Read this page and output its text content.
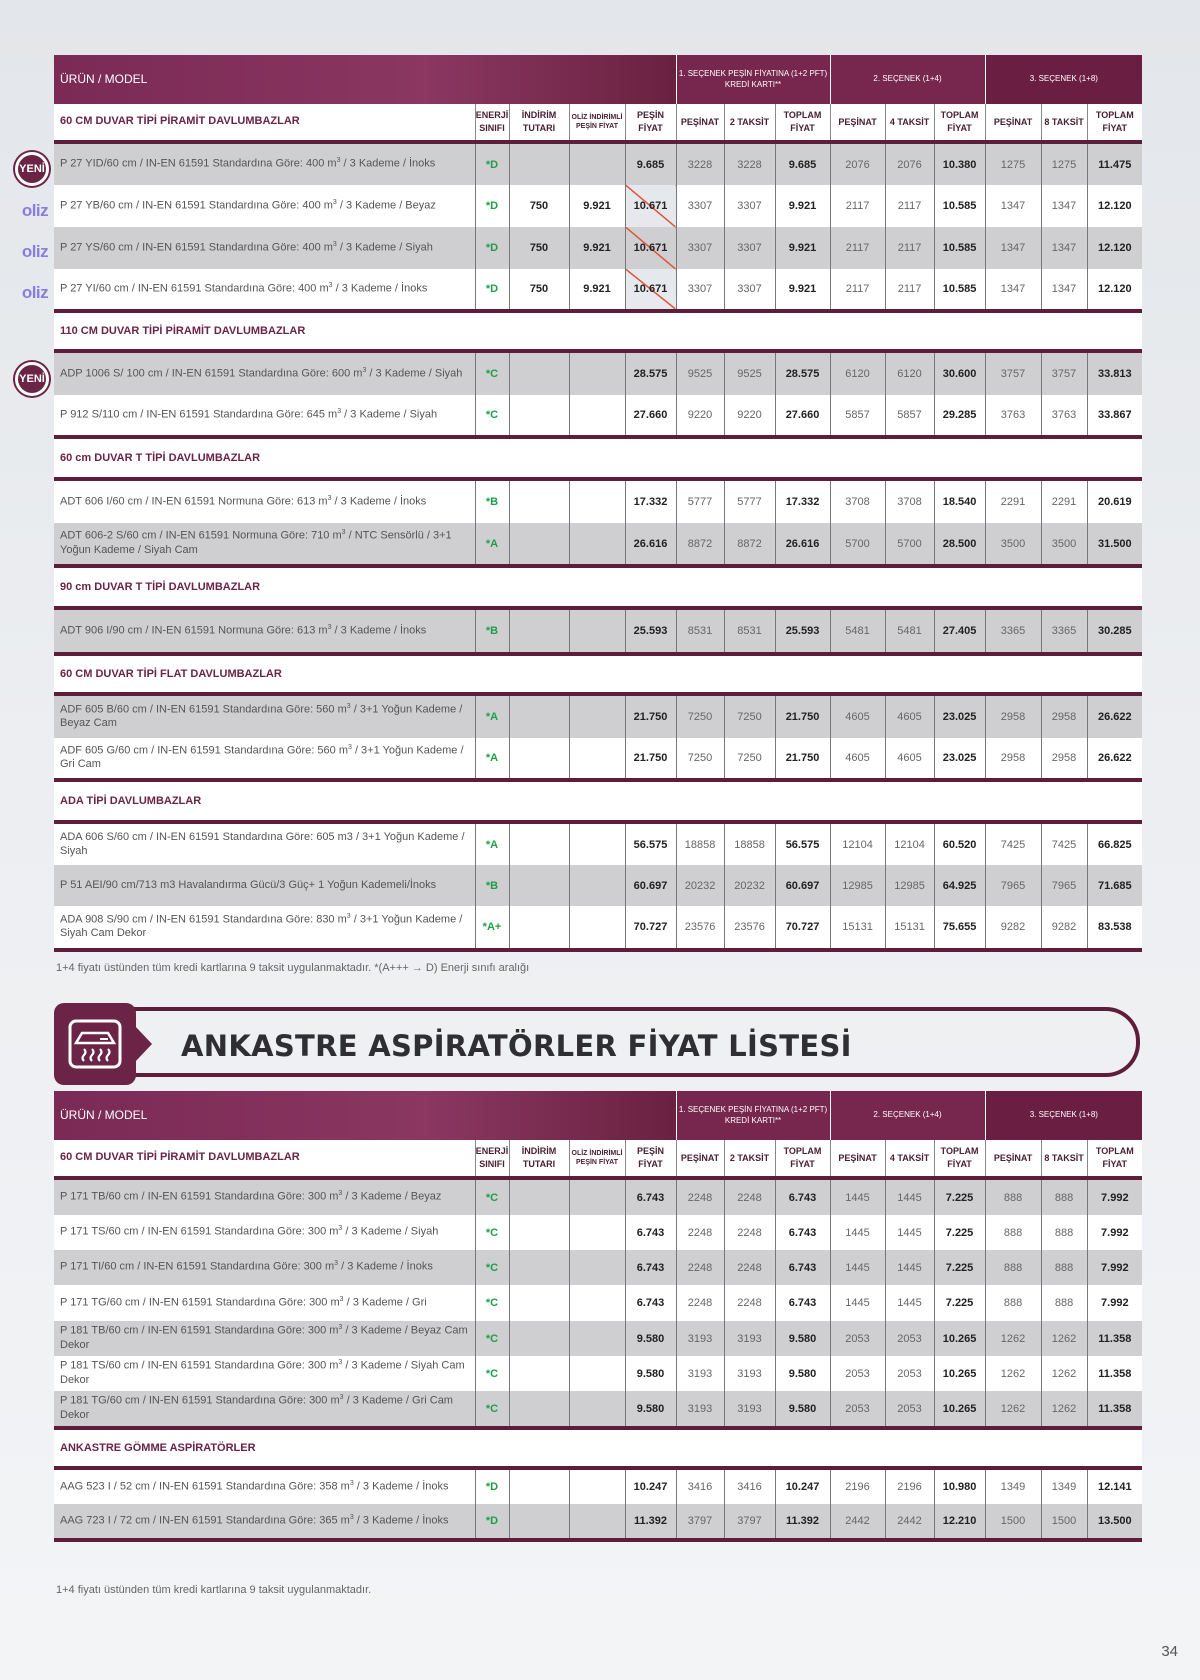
ÜRÜN / MODEL					1. SEÇENEK PEŞİN FİYATINA (1+2 PFT) KREDİ KARTI**			2. SEÇENEK (1+4)			3. SEÇENEK (1+8)		
60 CM DUVAR TİPİ PİRAMİT DAVLUMBAZLAR	ENERJİ SINIFI	İNDİRİM TUTARI	OLİZ İNDİRİMLİ PEŞİN FİYAT	PEŞİN FİYAT	PEŞİNAT	2 TAKSİT	TOPLAM FİYAT	PEŞİNAT	4 TAKSİT	TOPLAM FİYAT	PEŞİNAT	8 TAKSİT	TOPLAM FİYAT
P 27 YID/60 cm / IN-EN 61591 Standardına Göre: 400 $m^3 / 3$ Kademe / İnoks	*D			9.685	3228	3228	9.685	2076	2076	10.380	1275	1275	11.475
P 27 YB/60 cm / IN-EN 61591 Standardına Göre: 400 $m^3 / 3$ Kademe / Beyaz	*D	750	9.921	10.671	3307	3307	9.921	2117	2117	10.585	1347	1347	12.120
P 27 YS/60 cm / IN-EN 61591 Standardına Göre: 400 $m^3 / 3$ Kademe / Siyah	*D	750	9.921	10.671	3307	3307	9.921	2117	2117	10.585	1347	1347	12.120
P 27 YI/60 cm / IN-EN 61591 Standardına Göre: 400 $m^3 / 3$ Kademe / İnoks	*D	750	9.921	10.671	3307	3307	9.921	2117	2117	10.585	1347	1347	12.120
110 CM DUVAR TİPİ PİRAMİT DAVLUMBAZLAR													
ADP 1006 S/ 100 cm / IN-EN 61591 Standardına Göre: 600 $m^3 / 3$ Kademe / Siyah	*C			28.575	9525	9525	28.575	6120	6120	30.600	3757	3757	33.813
P 912 S/110 cm / IN-EN 61591 Standardına Göre: 645 $m^3 / 3$ Kademe / Siyah	*C			27.660	9220	9220	27.660	5857	5857	29.285	3763	3763	33.867
60 cm DUVAR T TİPİ DAVLUMBAZLAR													
ADT 606 I/60 cm / IN-EN 61591 Normuna Göre: 613 $m^3 / 3$ Kademe / İnoks	*B			17.332	5777	5777	17.332	3708	3708	18.540	2291	2291	20.619
ADT 606-2 S/60 cm / IN-EN 61591 Normuna Göre: 710 $m^3$ / NTC Sensörlü / 3+1 Yoğun Kademe / Siyah Cam	*A			26.616	8872	8872	26.616	5700	5700	28.500	3500	3500	31.500
90 cm DUVAR T TİPİ DAVLUMBAZLAR													
ADT 906 I/90 cm / IN-EN 61591 Normuna Göre: 613 $m^3 / 3$ Kademe / İnoks	*B			25.593	8531	8531	25.593	5481	5481	27.405	3365	3365	30.285
60 CM DUVAR TİPİ FLAT DAVLUMBAZLAR													
ADF 605 B/60 cm / IN-EN 61591 Standardına Göre: 560 $m^3 / 3+1$ Yoğun Kademe / Beyaz Cam	*A			21.750	7250	7250	21.750	4605	4605	23.025	2958	2958	26.622
ADF 605 G/60 cm / IN-EN 61591 Standardına Göre: 560 $m^3 / 3+1$ Yoğun Kademe / Gri Cam	*A			21.750	7250	7250	21.750	4605	4605	23.025	2958	2958	26.622
ADA TİPİ DAVLUMBAZLAR													
ADA 606 S/60 cm / IN-EN 61591 Standardına Göre: 605 m3 / 3+1 Yoğun Kademe / Siyah	*A			56.575	18858	18858	56.575	12104	12104	60.520	7425	7425	66.825
P 51 AEI/90 cm/713 m3 Havalandırma Gücü/3 Güç+ 1 Yoğun Kademeli/İnoks	*B			60.697	20232	20232	60.697	12985	12985	64.925	7965	7965	71.685
ADA 908 S/90 cm / IN-EN 61591 Standardına Göre: 830 $m^3 / 3+1$ Yoğun Kademe / Siyah Cam Dekor	*A+			70.727	23576	23576	70.727	15131	15131	75.655	9282	9282	83.538
1+4 fiyatı üstünden tüm kredi kartlarına 9 taksit uygulanmaktadır. *(A+++ → D) Enerji sınıfı aralığı
ANKASTRE ASPİRATÖRLER FİYAT LİSTESİ
ÜRÜN / MODEL					1. SEÇENEK PEŞİN FİYATINA (1+2 PFT) KREDİ KARTI**			2. SEÇENEK (1+4)			3. SEÇENEK (1+8)		
60 CM DUVAR TİPİ PİRAMİT DAVLUMBAZLAR	ENERJİ SINIFI	İNDİRİM TUTARI	OLİZ İNDİRİMLİ PEŞİN FİYAT	PEŞİN FİYAT	PEŞİNAT	2 TAKSİT	TOPLAM FİYAT	PEŞİNAT	4 TAKSİT	TOPLAM FİYAT	PEŞİNAT	8 TAKSİT	TOPLAM FİYAT
P 171 TB/60 cm / IN-EN 61591 Standardına Göre: 300 $m^3 / 3$ Kademe / Beyaz	*C			6.743	2248	2248	6.743	1445	1445	7.225	888	888	7.992
P 171 TS/60 cm / IN-EN 61591 Standardına Göre: 300 $m^3 / 3$ Kademe / Siyah	*C			6.743	2248	2248	6.743	1445	1445	7.225	888	888	7.992
P 171 TI/60 cm / IN-EN 61591 Standardına Göre: 300 $m^3 / 3$ Kademe / İnoks	*C			6.743	2248	2248	6.743	1445	1445	7.225	888	888	7.992
P 171 TG/60 cm / IN-EN 61591 Standardına Göre: 300 $m^3 / 3$ Kademe / Gri	*C			6.743	2248	2248	6.743	1445	1445	7.225	888	888	7.992
P 181 TB/60 cm / IN-EN 61591 Standardına Göre: 300 $m^3 / 3$ Kademe / Beyaz Cam Dekor	*C			9.580	3193	3193	9.580	2053	2053	10.265	1262	1262	11.358
P 181 TS/60 cm / IN-EN 61591 Standardına Göre: 300 $m^3 / 3$ Kademe / Siyah Cam Dekor	*C			9.580	3193	3193	9.580	2053	2053	10.265	1262	1262	11.358
P 181 TG/60 cm / IN-EN 61591 Standardına Göre: 300 $m^3 / 3$ Kademe / Gri Cam Dekor	*C			9.580	3193	3193	9.580	2053	2053	10.265	1262	1262	11.358
ANKASTRE GÖMME ASPİRATÖRLER													
AAG 523 I / 52 cm / IN-EN 61591 Standardına Göre: 358 $m^3 / 3$ Kademe / İnoks	*D			10.247	3416	3416	10.247	2196	2196	10.980	1349	1349	12.141
AAG 723 I / 72 cm / IN-EN 61591 Standardına Göre: 365 $m^3 / 3$ Kademe / İnoks	*D			11.392	3797	3797	11.392	2442	2442	12.210	1500	1500	13.500
1+4 fiyatı üstünden tüm kredi kartlarına 9 taksit uygulanmaktadır.
34
YENİ
oliz
oliz
oliz
YENİ
